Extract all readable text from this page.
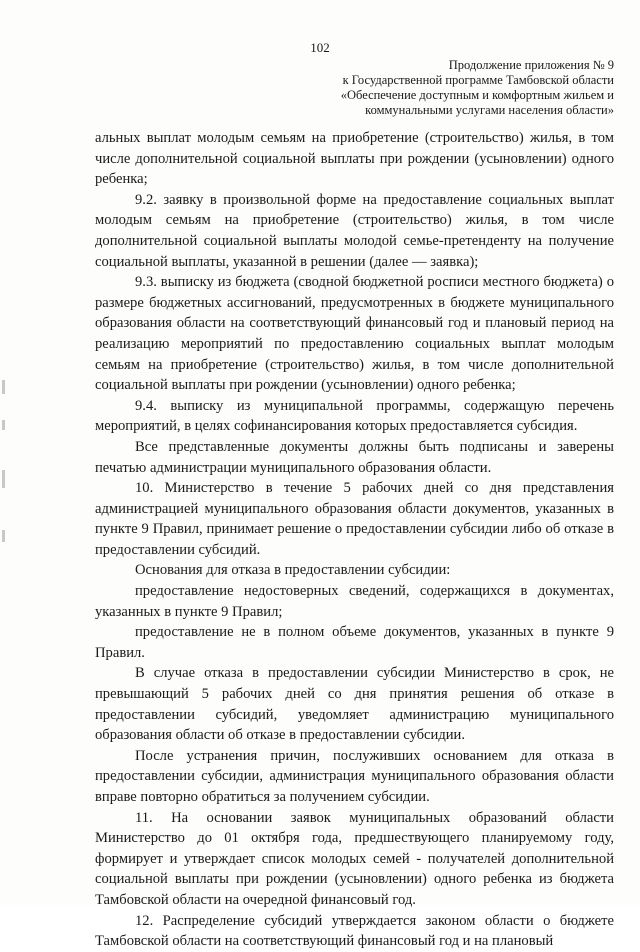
102
Продолжение приложения № 9
к Государственной программе Тамбовской области
«Обеспечение доступным и комфортным жильем и
коммунальными услугами населения области»

альных выплат молодым семьям на приобретение (строительство) жилья, в том числе дополнительной социальной выплаты при рождении (усыновлении) одного ребенка;

9.2. заявку в произвольной форме на предоставление социальных выплат молодым семьям на приобретение (строительство) жилья, в том числе дополнительной социальной выплаты молодой семье-претенденту на получение социальной выплаты, указанной в решении (далее — заявка);

9.3. выписку из бюджета (сводной бюджетной росписи местного бюджета) о размере бюджетных ассигнований, предусмотренных в бюджете муниципального образования области на соответствующий финансовый год и плановый период на реализацию мероприятий по предоставлению социальных выплат молодым семьям на приобретение (строительство) жилья, в том числе дополнительной социальной выплаты при рождении (усыновлении) одного ребенка;

9.4. выписку из муниципальной программы, содержащую перечень мероприятий, в целях софинансирования которых предоставляется субсидия.

Все представленные документы должны быть подписаны и заверены печатью администрации муниципального образования области.

10. Министерство в течение 5 рабочих дней со дня представления администрацией муниципального образования области документов, указанных в пункте 9 Правил, принимает решение о предоставлении субсидии либо об отказе в предоставлении субсидий.

Основания для отказа в предоставлении субсидии:

предоставление недостоверных сведений, содержащихся в документах, указанных в пункте 9 Правил;

предоставление не в полном объеме документов, указанных в пункте 9 Правил.

В случае отказа в предоставлении субсидии Министерство в срок, не превышающий 5 рабочих дней со дня принятия решения об отказе в предоставлении субсидий, уведомляет администрацию муниципального образования области об отказе в предоставлении субсидии.

После устранения причин, послуживших основанием для отказа в предоставлении субсидии, администрация муниципального образования области вправе повторно обратиться за получением субсидии.

11. На основании заявок муниципальных образований области Министерство до 01 октября года, предшествующего планируемому году, формирует и утверждает список молодых семей - получателей дополнительной социальной выплаты при рождении (усыновлении) одного ребенка из бюджета Тамбовской области на очередной финансовый год.

12. Распределение субсидий утверждается законом области о бюджете Тамбовской области на соответствующий финансовый год и на плановый
